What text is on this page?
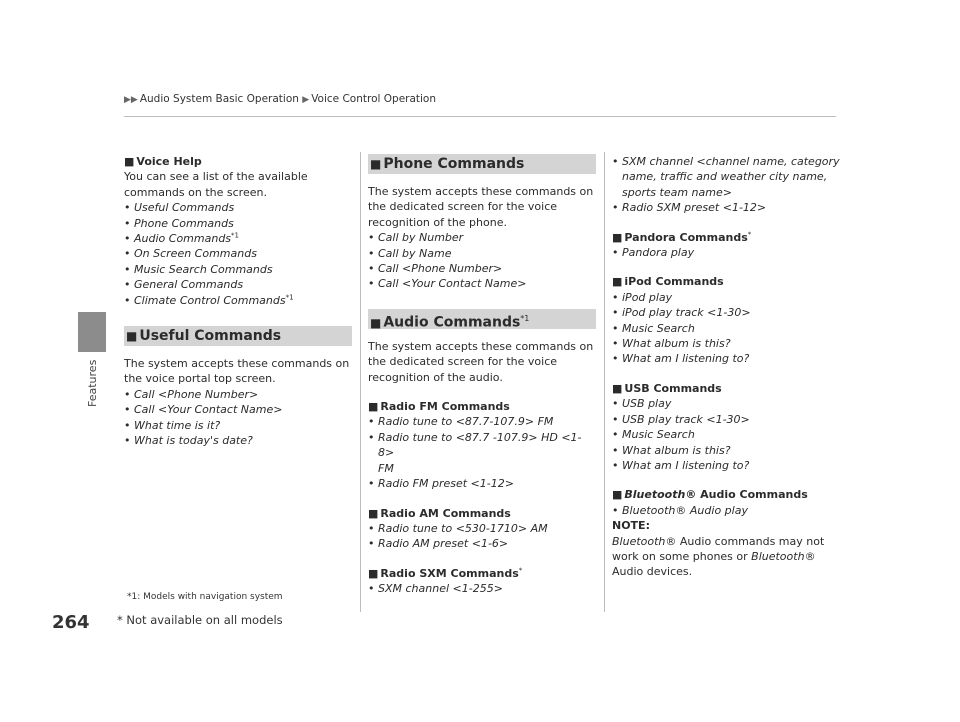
Features
▶▶ Audio System Basic Operation ▶ Voice Control Operation

■ Voice Help

You can see a list of the available commands on the screen.

• Useful Commands
• Phone Commands
• Audio Commands$^{*1}$
• On Screen Commands
• Music Search Commands
• General Commands
• Climate Control Commands$^{*1}$
■ Useful Commands

The system accepts these commands on the voice portal top screen.

• Call <Phone Number>
• Call <Your Contact Name>
• What time is it?
• What is today's date?
*1: Models with navigation system
■ Phone Commands

The system accepts these commands on the dedicated screen for the voice recognition of the phone.

• Call by Number
• Call by Name
• Call <Phone Number>
• Call <Your Contact Name>
■ Audio Commands$^{*1}$

The system accepts these commands on the dedicated screen for the voice recognition of the audio.

■ Radio FM Commands

• Radio tune to <87.7-107.9> FM
• Radio tune to <87.7 -107.9> HD <1-8>
FM
• Radio FM preset <1-12>

■ Radio AM Commands

• Radio tune to <530-1710> AM
• Radio AM preset <1-6>

■ Radio SXM Commands*

• SXM channel <1-255>
• SXM channel <channel name, category
name, traffic and weather city name,
sports team name>
• Radio SXM preset <1-12>

■ Pandora Commands*

• Pandora play

■ iPod Commands

• iPod play
• iPod play track <1-30>
• Music Search
• What album is this?
• What am I listening to?

■ USB Commands

• USB play
• USB play track <1-30>
• Music Search
• What album is this?
• What am I listening to?

■ Bluetooth® Audio Commands

• Bluetooth® Audio play

NOTE:

Bluetooth® Audio commands may not work on some phones or Bluetooth® Audio devices.

264 * Not available on all models
